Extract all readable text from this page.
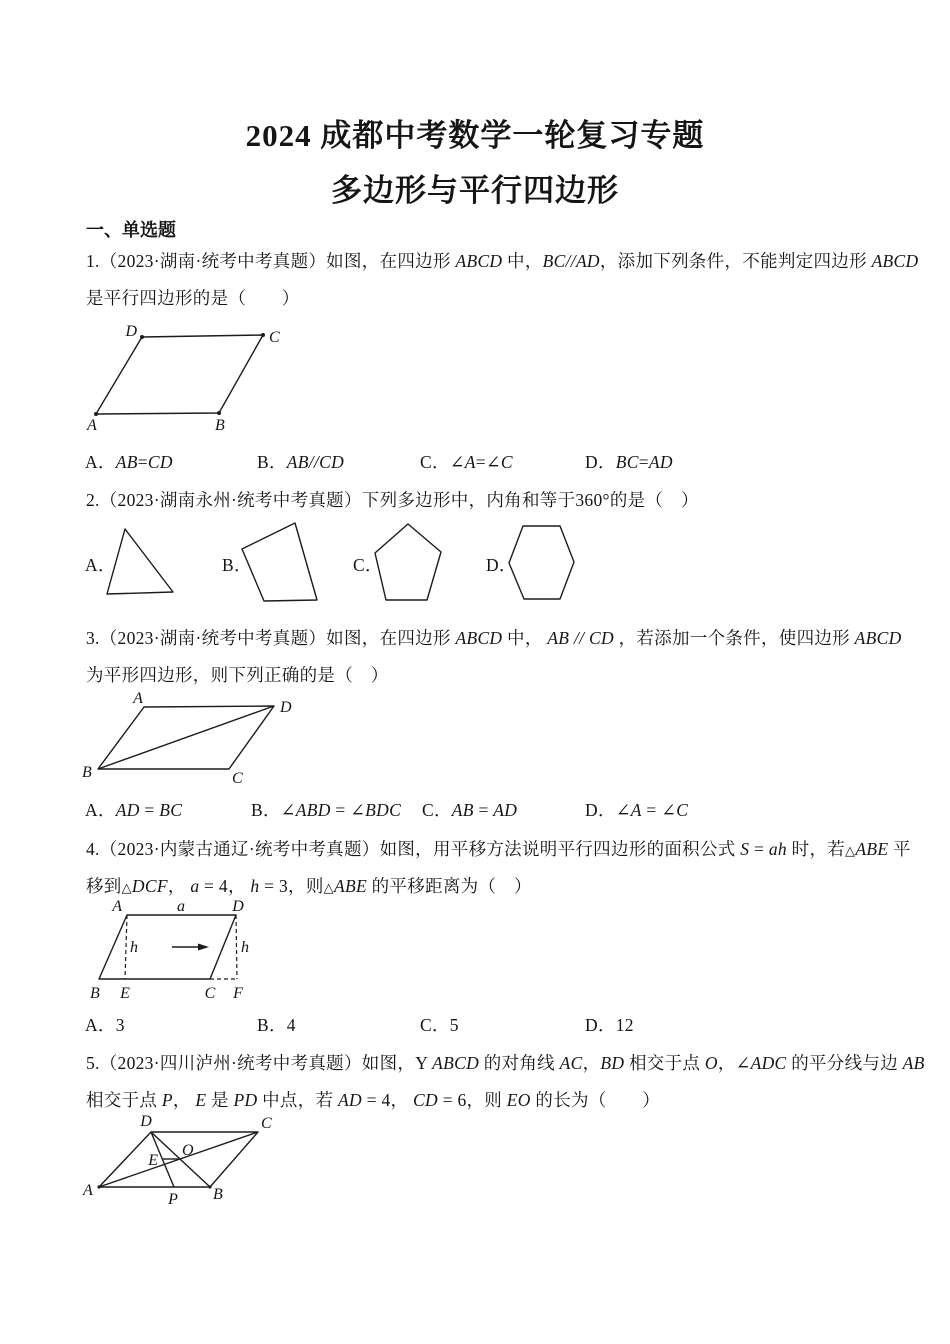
2024 成都中考数学一轮复习专题
多边形与平行四边形
一、单选题
1.（2023·湖南·统考中考真题）如图，在四边形 ABCD 中，BC//AD，添加下列条件，不能判定四边形 ABCD
是平行四边形的是（　　）
D	C
A	B
A．AB=CD	B．AB//CD	C．∠A=∠C	D．BC=AD
2.（2023·湖南永州·统考中考真题）下列多边形中，内角和等于360°的是（　）
A．	B．	C．	D．
3.（2023·湖南·统考中考真题）如图，在四边形 ABCD 中， AB // CD ，若添加一个条件，使四边形 ABCD
为平形四边形，则下列正确的是（　）
A
D
B	C
A．AD = BC	B．∠ABD = ∠BDC C．AB = AD	D．∠A = ∠C
4.（2023·内蒙古通辽·统考中考真题）如图，用平移方法说明平行四边形的面积公式 S = ah 时，若△ABE 平
移到△DCF， a = 4， h = 3，则△ABE 的平移距离为（　）
A	a	D
h	h
B E	C F
A．3	B．4	C．5	D．12
5.（2023·四川泸州·统考中考真题）如图，Y ABCD 的对角线 AC，BD 相交于点 O，∠ADC 的平分线与边 AB
相交于点 P， E 是 PD 中点，若 AD = 4， CD = 6，则 EO 的长为（　　）
D	C
O
E
A
P B
